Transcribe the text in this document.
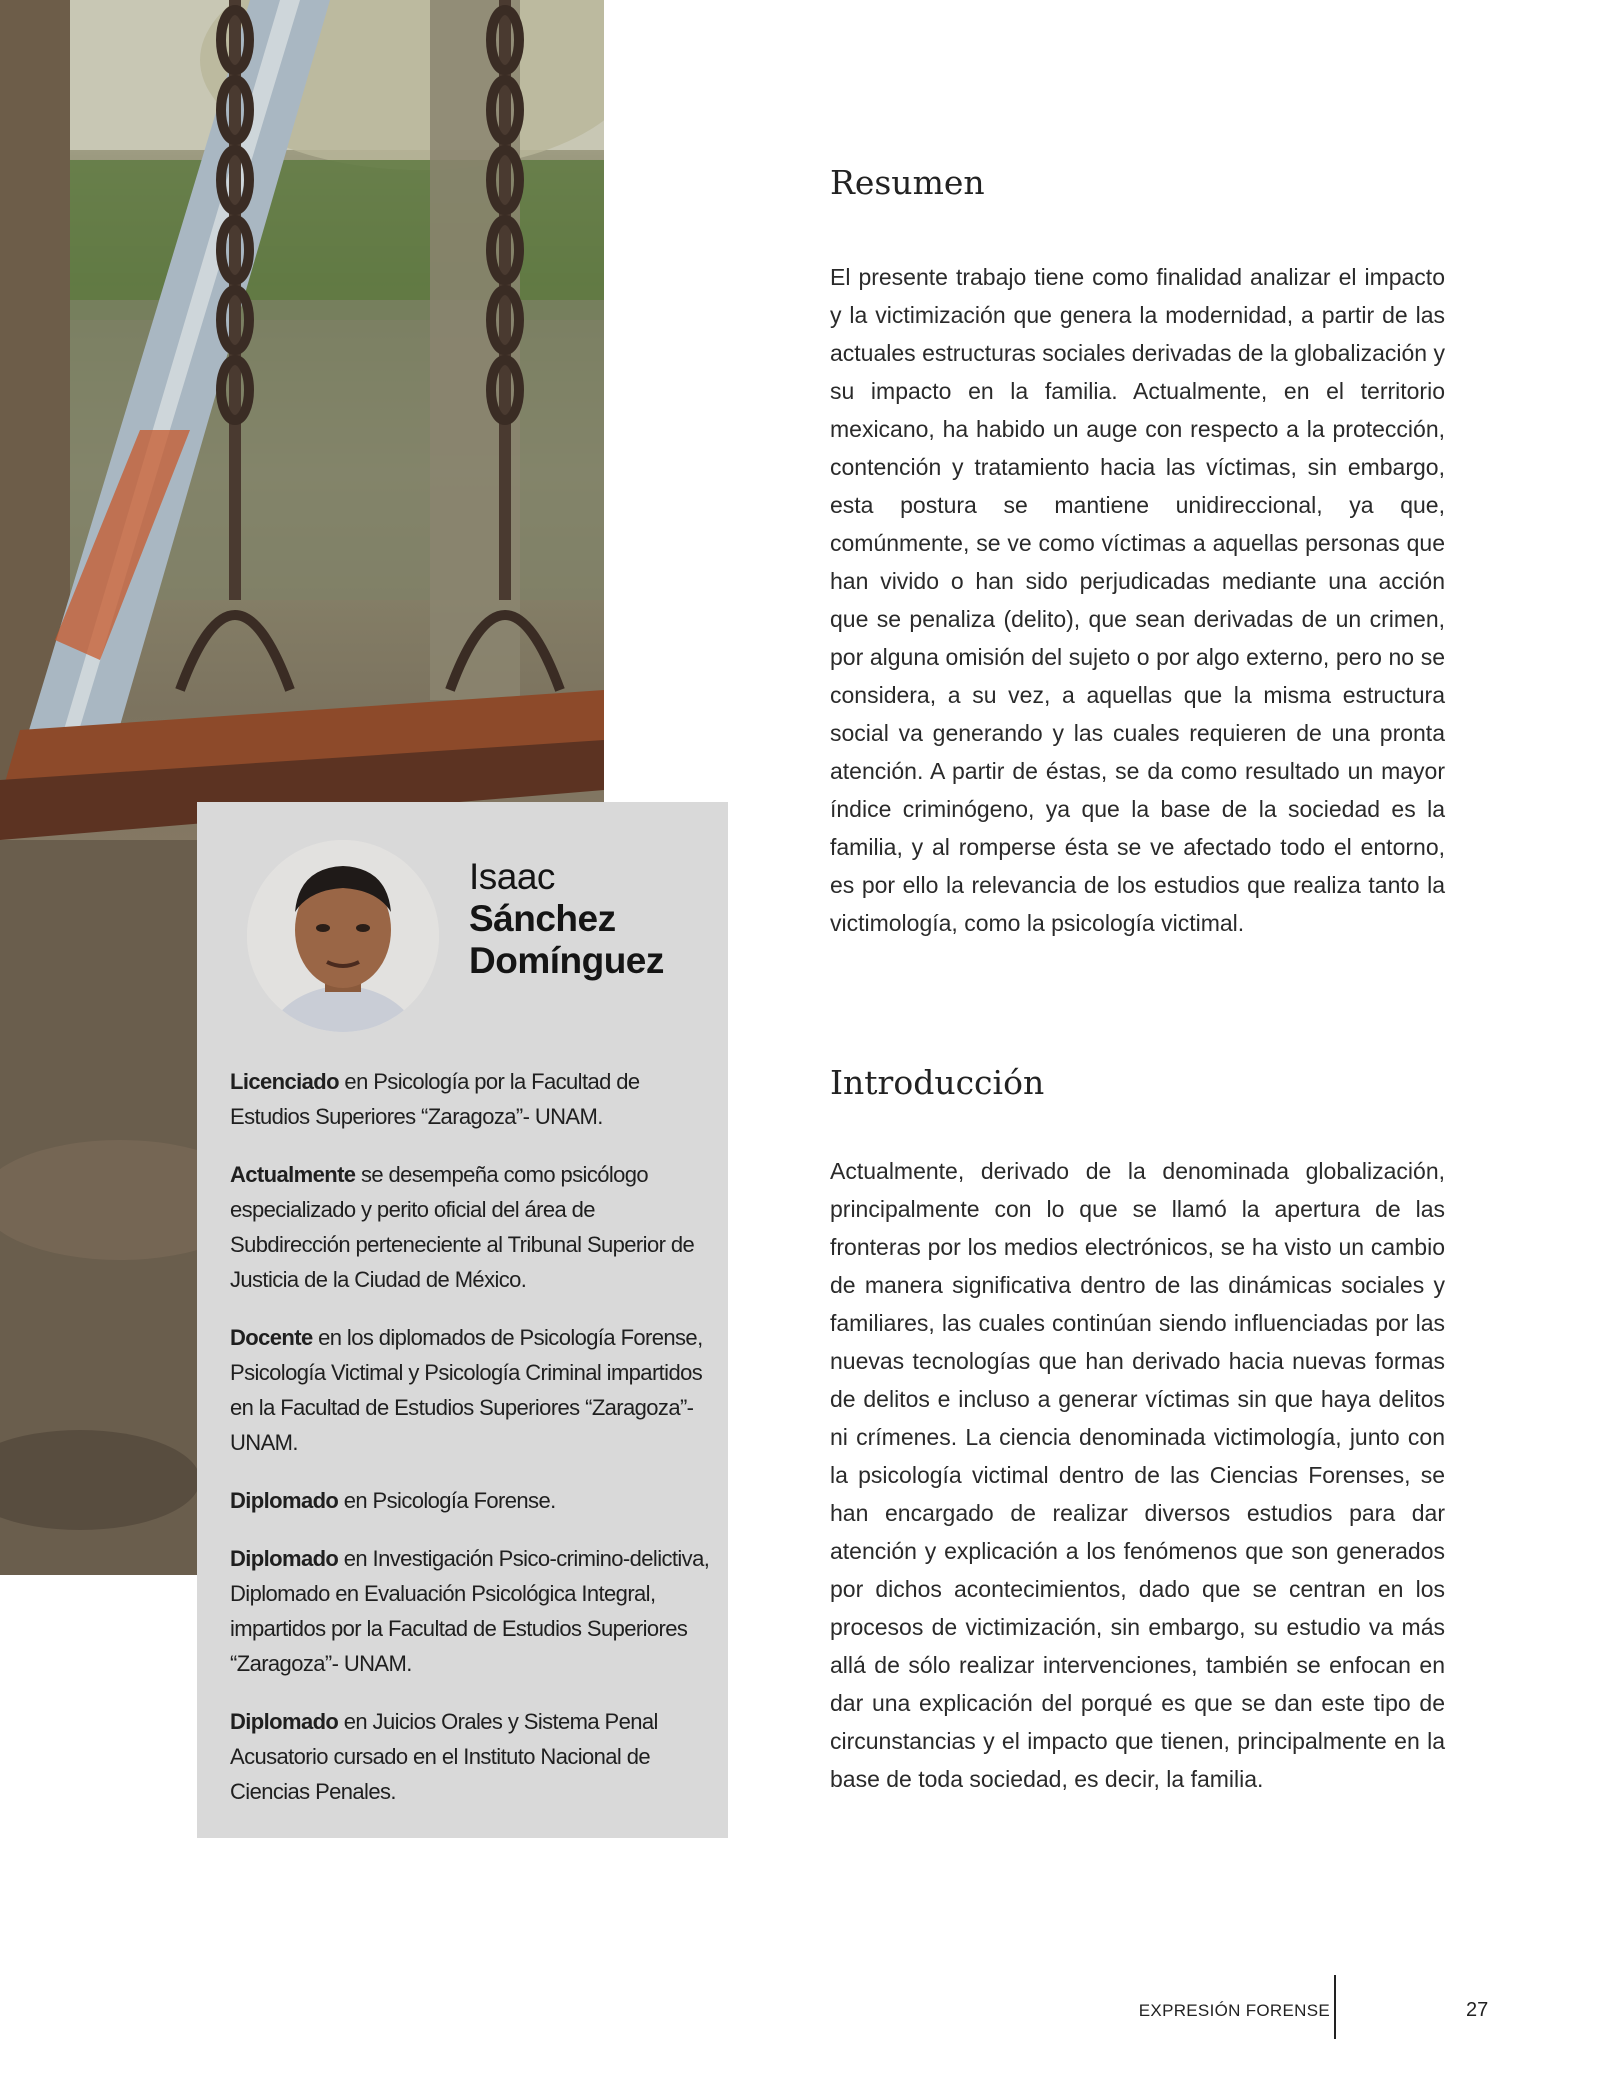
Isaac
Sánchez
Domínguez

Licenciado en Psicología por la Facultad de Estudios Superiores “Zaragoza”- UNAM.

Actualmente se desempeña como psicólogo especializado y perito oficial del área de Subdirección perteneciente al Tribunal Superior de Justicia de la Ciudad de México.

Docente en los diplomados de Psicología Forense, Psicología Victimal y Psicología Criminal impartidos en la Facultad de Estudios Superiores “Zaragoza”- UNAM.

Diplomado en Psicología Forense.

Diplomado en Investigación Psico-crimino-delictiva, Diplomado en Evaluación Psicológica Integral, impartidos por la Facultad de Estudios Superiores “Zaragoza”- UNAM.

Diplomado en Juicios Orales y Sistema Penal Acusatorio cursado en el Instituto Nacional de Ciencias Penales.

Resumen

El presente trabajo tiene como finalidad analizar el impacto y la victimización que genera la modernidad, a partir de las actuales estructuras sociales derivadas de la globalización y su impacto en la familia. Actualmente, en el territorio mexicano, ha habido un auge con respecto a la protección, contención y tratamiento hacia las víctimas, sin embargo, esta postura se mantiene unidireccional, ya que, comúnmente, se ve como víctimas a aquellas personas que han vivido o han sido perjudicadas mediante una acción que se penaliza (delito), que sean derivadas de un crimen, por alguna omisión del sujeto o por algo externo, pero no se considera, a su vez, a aquellas que la misma estructura social va generando y las cuales requieren de una pronta atención. A partir de éstas, se da como resultado un mayor índice criminógeno, ya que la base de la sociedad es la familia, y al romperse ésta se ve afectado todo el entorno, es por ello la relevancia de los estudios que realiza tanto la victimología, como la psicología victimal.

Introducción

Actualmente, derivado de la denominada globalización, principalmente con lo que se llamó la apertura de las fronteras por los medios electrónicos, se ha visto un cambio de manera significativa dentro de las dinámicas sociales y familiares, las cuales continúan siendo influenciadas por las nuevas tecnologías que han derivado hacia nuevas formas de delitos e incluso a generar víctimas sin que haya delitos ni crímenes. La ciencia denominada victimología, junto con la psicología victimal dentro de las Ciencias Forenses, se han encargado de realizar diversos estudios para dar atención y explicación a los fenómenos que son generados por dichos acontecimientos, dado que se centran en los procesos de victimización, sin embargo, su estudio va más allá de sólo realizar intervenciones, también se enfocan en dar una explicación del porqué es que se dan este tipo de circunstancias y el impacto que tienen, principalmente en la base de toda sociedad, es decir, la familia.

EXPRESIÓN FORENSE	27
